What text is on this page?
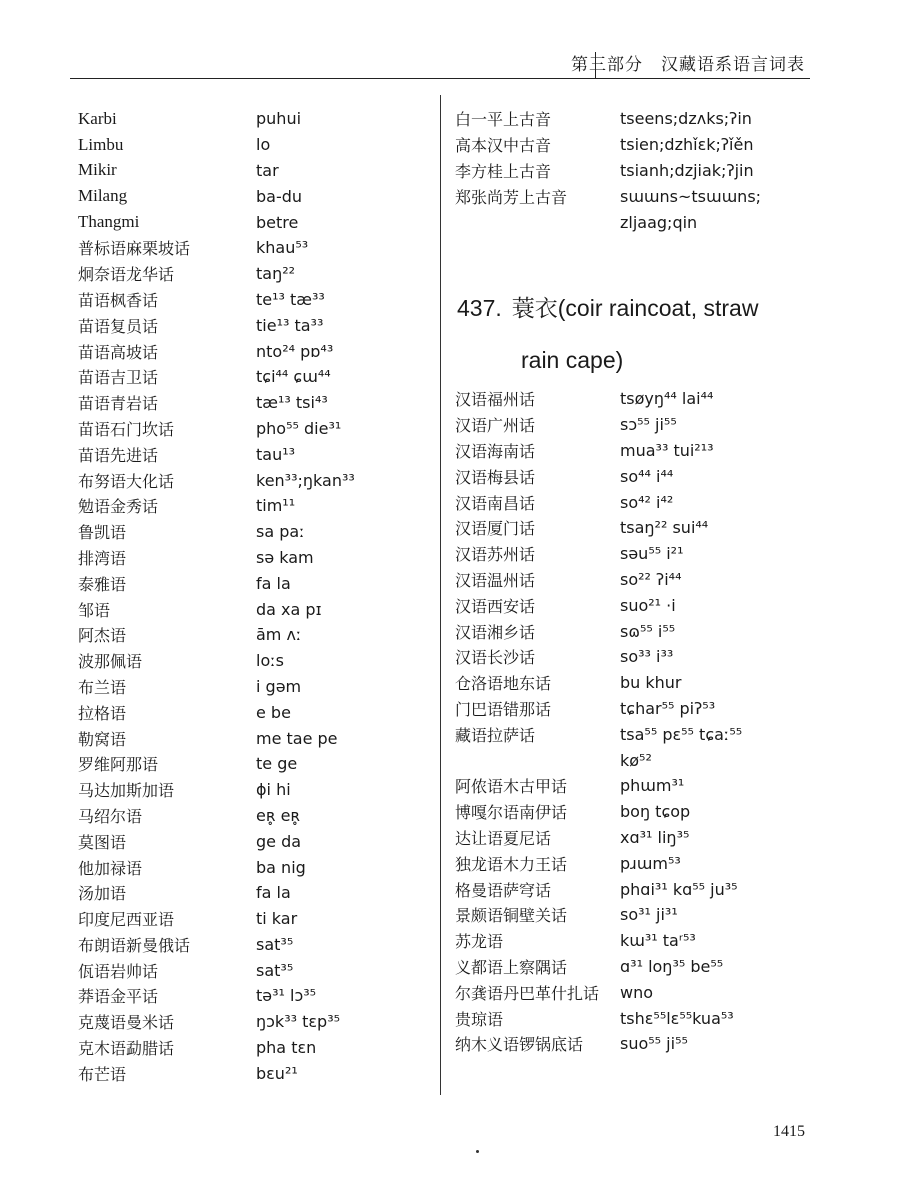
第三部分　汉藏语系语言词表
Karbi	puhui
Limbu	lo
Mikir	tar
Milang	ba-du
Thangmi	betre
普标语麻栗坡话	khau⁵³
炯奈语龙华话	taŋ²²
苗语枫香话	te¹³ tæ³³
苗语复员话	tie¹³ ta³³
苗语高坡话	nto²⁴ pɒ⁴³
苗语吉卫话	tɕi⁴⁴ ɕɯ⁴⁴
苗语青岩话	tæ¹³ tsi⁴³
苗语石门坎话	pho⁵⁵ die³¹
苗语先进话	tau¹³
布努语大化话	ken³³;ŋkan³³
勉语金秀话	tim¹¹
鲁凯语	sa paː
排湾语	sə kam
泰雅语	fa la
邹语	da xa pɪ
阿杰语	ām ʌː
波那佩语	loːs
布兰语	i gəm
拉格语	e be
勒窝语	me tae pe
罗维阿那语	te ge
马达加斯加语	ɸi hi
马绍尔语	eʀ̥ eʀ̥
莫图语	ge da
他加禄语	ba nig
汤加语	fa la
印度尼西亚语	ti kar
布朗语新曼俄话	sat³⁵
佤语岩帅话	sat³⁵
莽语金平话	tə³¹ lɔ³⁵
克蔑语曼米话	ŋɔk³³ tɛp³⁵
克木语勐腊话	pha tɛn
布芒语	bɛu²¹
白一平上古音	tseens;dzʌks;ʔin
高本汉中古音	tsien;dzhǐɛk;ʔǐěn
李方桂上古音	tsianh;dzjiak;ʔjin
郑张尚芳上古音	sɯɯns~tsɯɯns;
zljaag;qin
437. 蓑衣(coir raincoat, straw
rain cape)
汉语福州话	tsøyŋ⁴⁴ lai⁴⁴
汉语广州话	sɔ⁵⁵ ji⁵⁵
汉语海南话	mua³³ tui²¹³
汉语梅县话	so⁴⁴ i⁴⁴
汉语南昌话	so⁴² i⁴²
汉语厦门话	tsaŋ²² sui⁴⁴
汉语苏州话	səu⁵⁵ i²¹
汉语温州话	so²² ʔi⁴⁴
汉语西安话	suo²¹ ·i
汉语湘乡话	sɷ⁵⁵ i⁵⁵
汉语长沙话	so³³ i³³
仓洛语地东话	bu khur
门巴语错那话	tɕhar⁵⁵ piʔ⁵³
藏语拉萨话	tsa⁵⁵ pɛ⁵⁵ tɕaː⁵⁵
kø⁵²
阿侬语木古甲话	phɯm³¹
博嘎尔语南伊话	boŋ tɕop
达让语夏尼话	xɑ³¹ liŋ³⁵
独龙语木力王话	pɹɯm⁵³
格曼语萨穹话	phɑi³¹ kɑ⁵⁵ ju³⁵
景颇语铜壁关话	so³¹ ji³¹
苏龙语	kɯ³¹ taʳ⁵³
义都语上察隅话	ɑ³¹ loŋ³⁵ be⁵⁵
尔龚语丹巴革什扎话	wno
贵琼语	tshɛ⁵⁵lɛ⁵⁵kua⁵³
纳木义语锣锅底话	suo⁵⁵ ji⁵⁵
1415
